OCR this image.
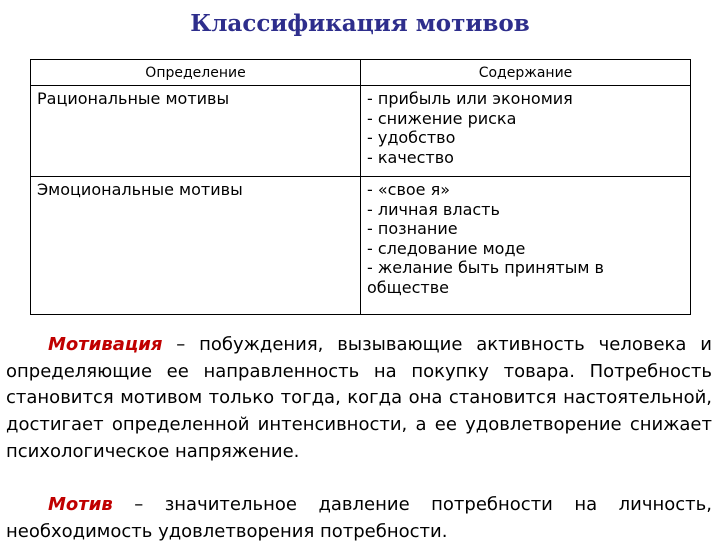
Классификация мотивов
Определение	Содержание
Рациональные мотивы	- прибыль или экономия
- снижение риска
- удобство
- качество

Эмоциональные мотивы	- «свое я»
- личная власть
- познание
- следование моде
- желание быть принятым в обществе
Мотивация – побуждения, вызывающие активность человека и определяющие ее направленность на покупку товара. Потребность становится мотивом только тогда, когда она становится настоятельной, достигает определенной интенсивности, а ее удовлетворение снижает психологическое напряжение.
Мотив – значительное давление потребности на личность, необходимость удовлетворения потребности.
